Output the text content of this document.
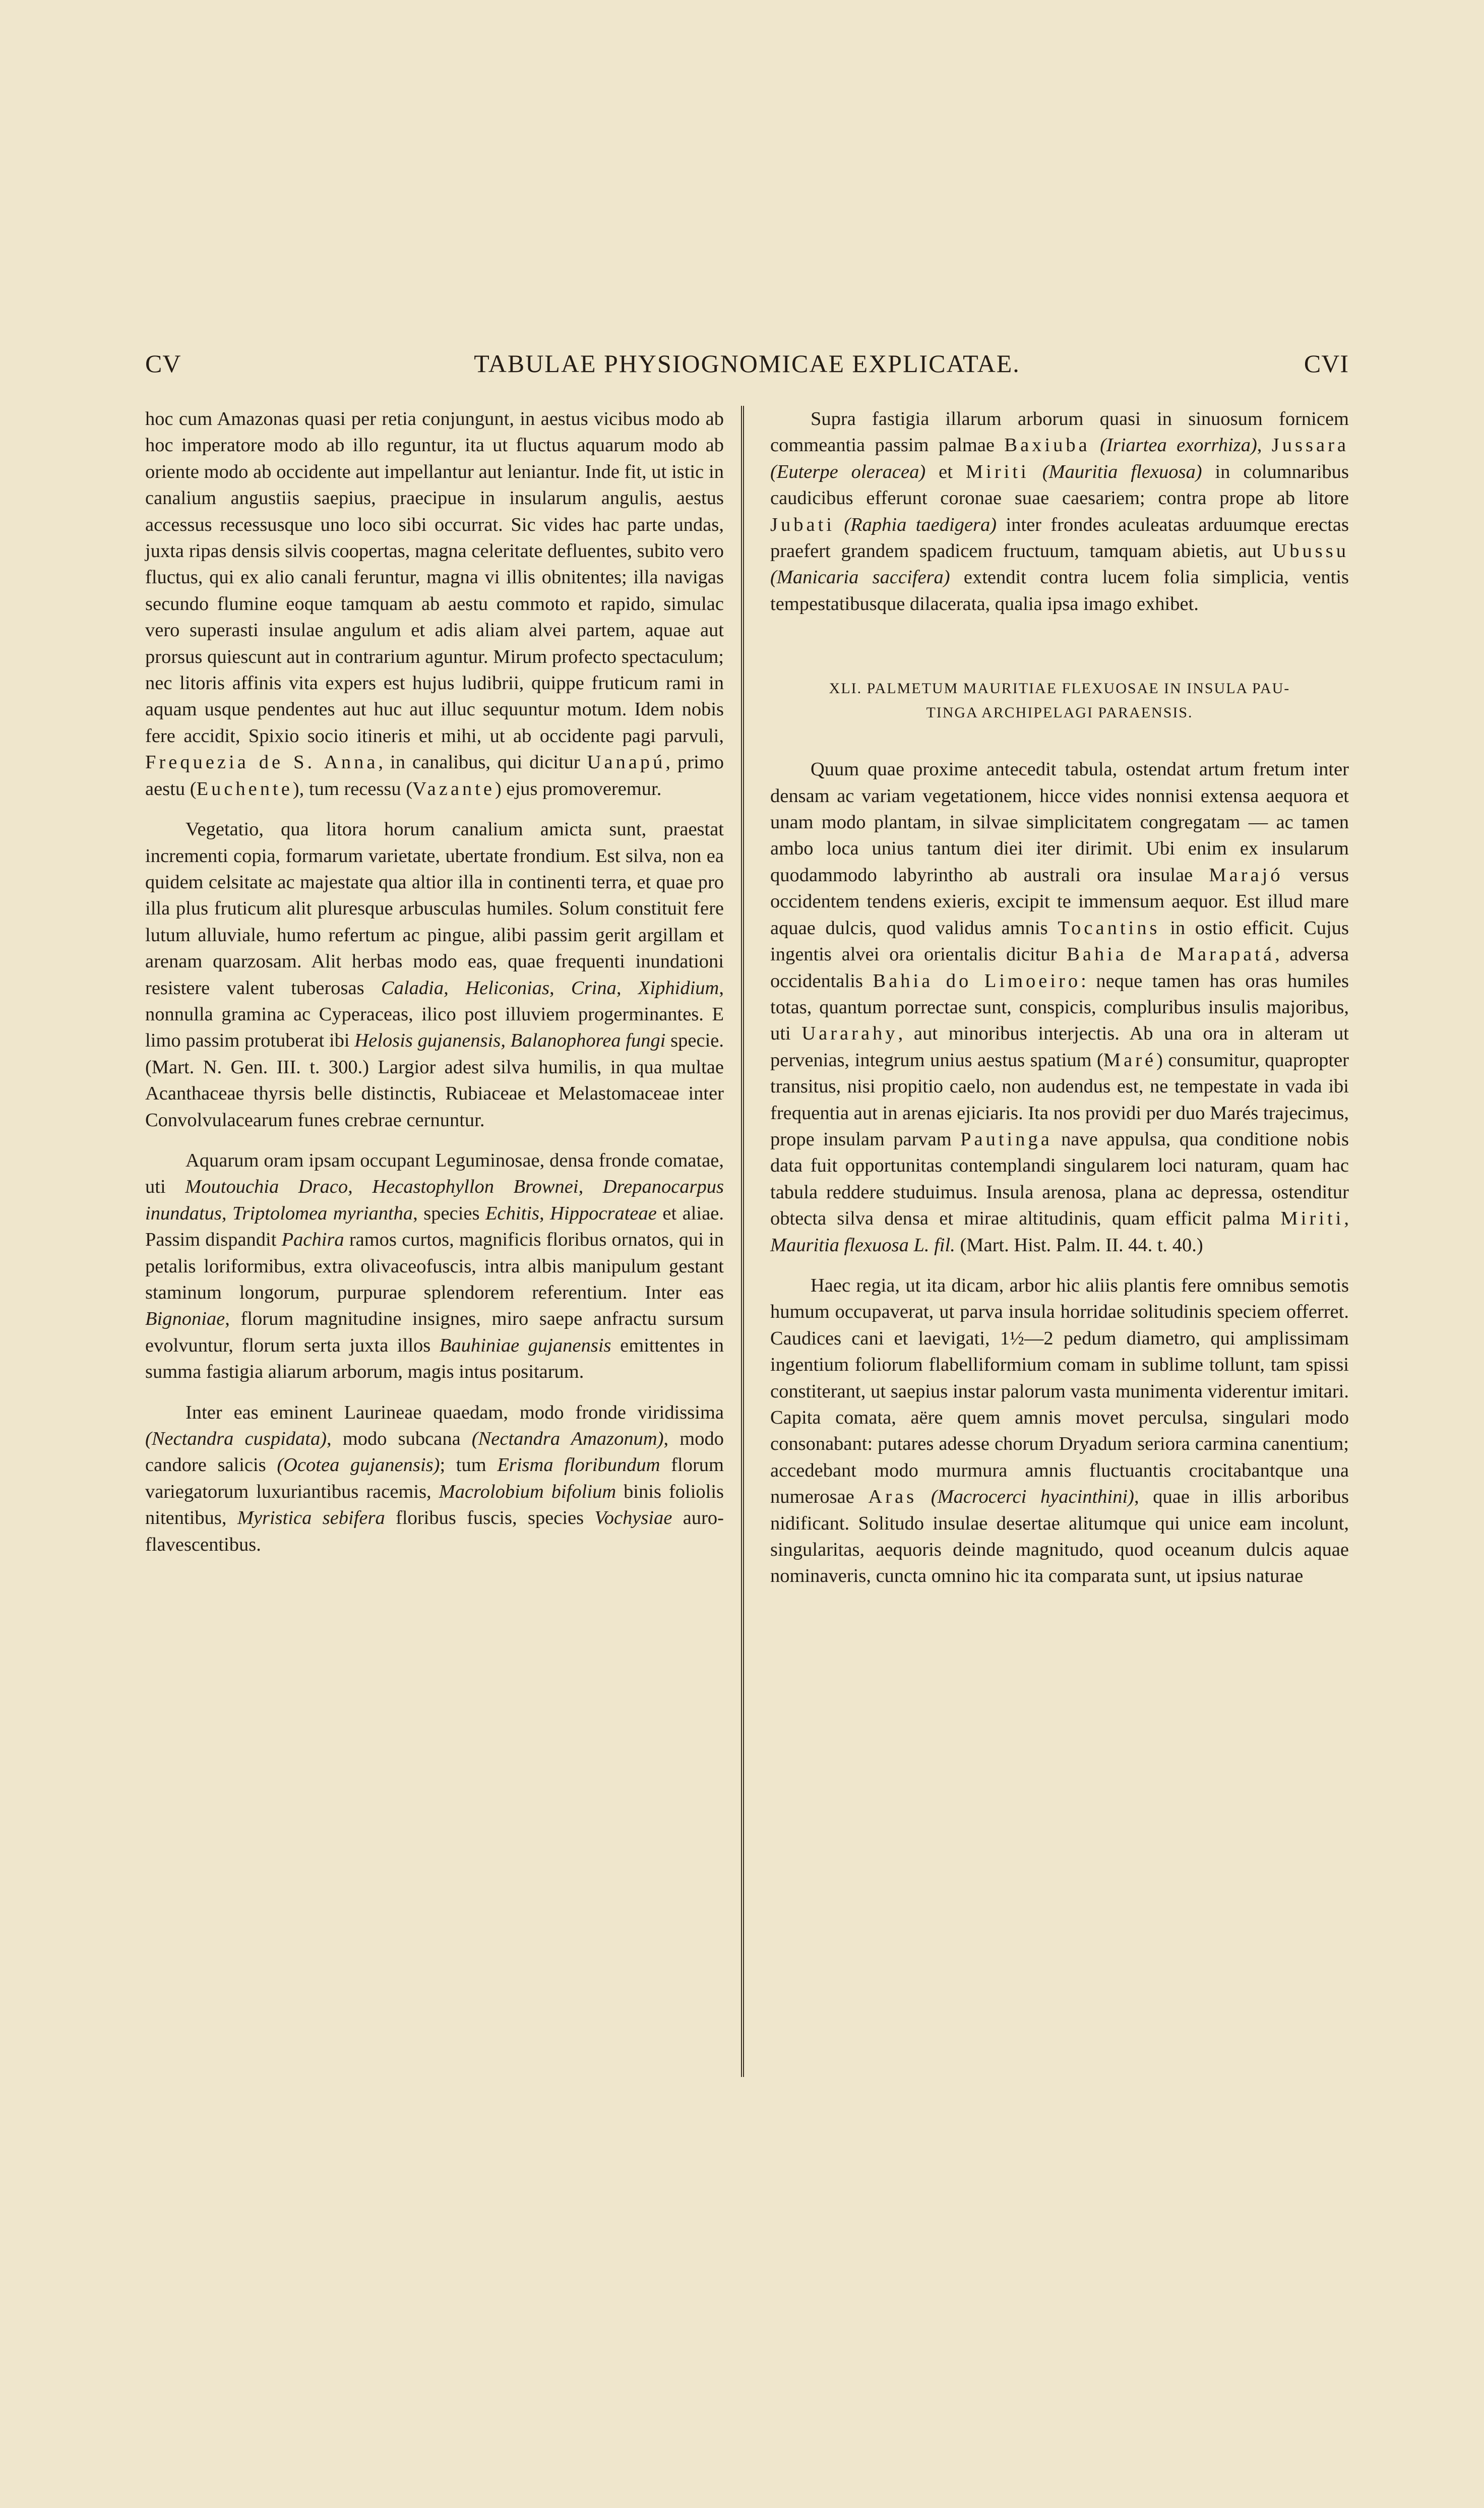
CV	TABULAE PHYSIOGNOMICAE EXPLICATAE.	CVI

hoc cum Amazonas quasi per retia conjungunt, in aestus vicibus modo ab hoc imperatore modo ab illo reguntur, ita ut fluctus aquarum modo ab oriente modo ab occidente aut impellantur aut leniantur. Inde fit, ut istic in canalium angustiis saepius, praecipue in insularum angulis, aestus accessus recessusque uno loco sibi occurrat. Sic vides hac parte undas, juxta ripas densis silvis coopertas, magna celeritate defluentes, subito vero fluctus, qui ex alio canali feruntur, magna vi illis obnitentes; illa navigas secundo flumine eoque tamquam ab aestu commoto et rapido, simulac vero superasti insulae angulum et adis aliam alvei partem, aquae aut prorsus quiescunt aut in contrarium aguntur. Mirum profecto spectaculum; nec litoris affinis vita expers est hujus ludibrii, quippe fruticum rami in aquam usque pendentes aut huc aut illuc sequuntur motum. Idem nobis fere accidit, Spixio socio itineris et mihi, ut ab occidente pagi parvuli, Frequezia de S. Anna, in canalibus, qui dicitur Uanapú, primo aestu (Euchente), tum recessu (Vazante) ejus promoveremur.

Vegetatio, qua litora horum canalium amicta sunt, praestat incrementi copia, formarum varietate, ubertate frondium. Est silva, non ea quidem celsitate ac majestate qua altior illa in continenti terra, et quae pro illa plus fruticum alit pluresque arbusculas humiles. Solum constituit fere lutum alluviale, humo refertum ac pingue, alibi passim gerit argillam et arenam quarzosam. Alit herbas modo eas, quae frequenti inundationi resistere valent tuberosas Caladia, Heliconias, Crina, Xiphidium, nonnulla gramina ac Cyperaceas, ilico post illuviem progerminantes. E limo passim protuberat ibi Helosis gujanensis, Balanophorea fungi specie. (Mart. N. Gen. III. t. 300.) Largior adest silva humilis, in qua multae Acanthaceae thyrsis belle distinctis, Rubiaceae et Melastomaceae inter Convolvulacearum funes crebrae cernuntur.

Aquarum oram ipsam occupant Leguminosae, densa fronde comatae, uti Moutouchia Draco, Hecastophyllon Brownei, Drepanocarpus inundatus, Triptolomea myriantha, species Echitis, Hippocrateae et aliae. Passim dispandit Pachira ramos curtos, magnificis floribus ornatos, qui in petalis loriformibus, extra olivaceofuscis, intra albis manipulum gestant staminum longorum, purpurae splendorem referentium. Inter eas Bignoniae, florum magnitudine insignes, miro saepe anfractu sursum evolvuntur, florum serta juxta illos Bauhiniae gujanensis emittentes in summa fastigia aliarum arborum, magis intus positarum.

Inter eas eminent Laurineae quaedam, modo fronde viridissima (Nectandra cuspidata), modo subcana (Nectandra Amazonum), modo candore salicis (Ocotea gujanensis); tum Erisma floribundum florum variegatorum luxuriantibus racemis, Macrolobium bifolium binis foliolis nitentibus, Myristica sebifera floribus fuscis, species Vochysiae auro-flavescentibus.

Supra fastigia illarum arborum quasi in sinuosum fornicem commeantia passim palmae Baxiuba (Iriartea exorrhiza), Jussara (Euterpe oleracea) et Miriti (Mauritia flexuosa) in columnaribus caudicibus efferunt coronae suae caesariem; contra prope ab litore Jubati (Raphia taedigera) inter frondes aculeatas arduumque erectas praefert grandem spadicem fructuum, tamquam abietis, aut Ubussu (Manicaria saccifera) extendit contra lucem folia simplicia, ventis tempestatibusque dilacerata, qualia ipsa imago exhibet.

XLI. PALMETUM MAURITIAE FLEXUOSAE IN INSULA PAU-
TINGA ARCHIPELAGI PARAENSIS.

Quum quae proxime antecedit tabula, ostendat artum fretum inter densam ac variam vegetationem, hicce vides nonnisi extensa aequora et unam modo plantam, in silvae simplicitatem congregatam — ac tamen ambo loca unius tantum diei iter dirimit. Ubi enim ex insularum quodammodo labyrintho ab australi ora insulae Marajó versus occidentem tendens exieris, excipit te immensum aequor. Est illud mare aquae dulcis, quod validus amnis Tocantins in ostio efficit. Cujus ingentis alvei ora orientalis dicitur Bahia de Marapatá, adversa occidentalis Bahia do Limoeiro: neque tamen has oras humiles totas, quantum porrectae sunt, conspicis, compluribus insulis majoribus, uti Uararahy, aut minoribus interjectis. Ab una ora in alteram ut pervenias, integrum unius aestus spatium (Maré) consumitur, quapropter transitus, nisi propitio caelo, non audendus est, ne tempestate in vada ibi frequentia aut in arenas ejiciaris. Ita nos providi per duo Marés trajecimus, prope insulam parvam Pautinga nave appulsa, qua conditione nobis data fuit opportunitas contemplandi singularem loci naturam, quam hac tabula reddere studuimus. Insula arenosa, plana ac depressa, ostenditur obtecta silva densa et mirae altitudinis, quam efficit palma Miriti, Mauritia flexuosa L. fil. (Mart. Hist. Palm. II. 44. t. 40.)

Haec regia, ut ita dicam, arbor hic aliis plantis fere omnibus semotis humum occupaverat, ut parva insula horridae solitudinis speciem offerret. Caudices cani et laevigati, 1½—2 pedum diametro, qui amplissimam ingentium foliorum flabelliformium comam in sublime tollunt, tam spissi constiterant, ut saepius instar palorum vasta munimenta viderentur imitari. Capita comata, aëre quem amnis movet perculsa, singulari modo consonabant: putares adesse chorum Dryadum seriora carmina canentium; accedebant modo murmura amnis fluctuantis crocitabantque una numerosae Aras (Macrocerci hyacinthini), quae in illis arboribus nidificant. Solitudo insulae desertae alitumque qui unice eam incolunt, singularitas, aequoris deinde magnitudo, quod oceanum dulcis aquae nominaveris, cuncta omnino hic ita comparata sunt, ut ipsius naturae
